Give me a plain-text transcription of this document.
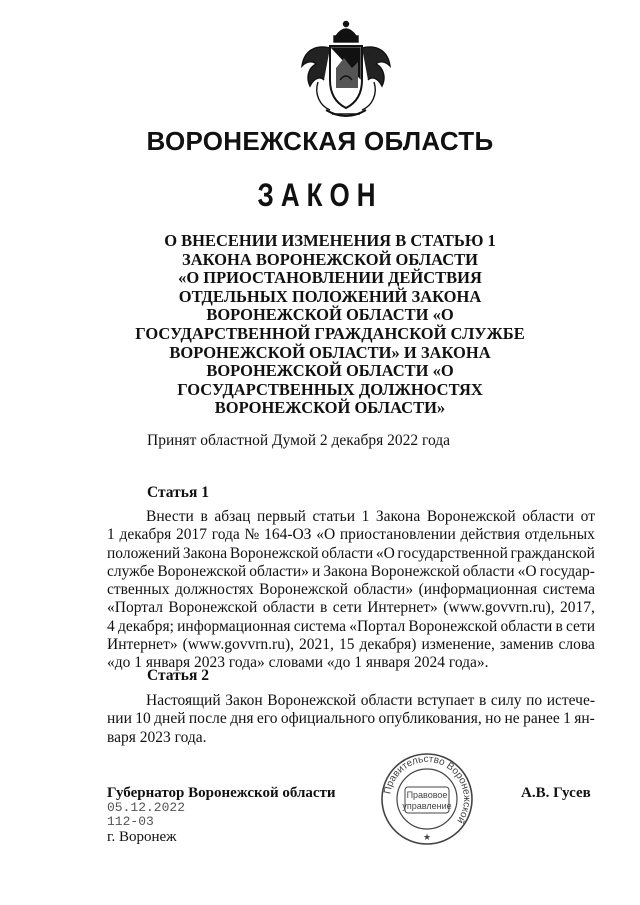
ВОРОНЕЖСКАЯ ОБЛАСТЬ
ЗАКОН
О ВНЕСЕНИИ ИЗМЕНЕНИЯ В СТАТЬЮ 1
ЗАКОНА ВОРОНЕЖСКОЙ ОБЛАСТИ
«О ПРИОСТАНОВЛЕНИИ ДЕЙСТВИЯ
ОТДЕЛЬНЫХ ПОЛОЖЕНИЙ ЗАКОНА
ВОРОНЕЖСКОЙ ОБЛАСТИ «О
ГОСУДАРСТВЕННОЙ ГРАЖДАНСКОЙ СЛУЖБЕ
ВОРОНЕЖСКОЙ ОБЛАСТИ» И ЗАКОНА
ВОРОНЕЖСКОЙ ОБЛАСТИ «О
ГОСУДАРСТВЕННЫХ ДОЛЖНОСТЯХ
ВОРОНЕЖСКОЙ ОБЛАСТИ»
Принят областной Думой 2 декабря 2022 года
Статья 1
Внести в абзац первый статьи 1 Закона Воронежской области от
1 декабря 2017 года № 164-ОЗ «О приостановлении действия отдельных
положений Закона Воронежской области «О государственной гражданской
службе Воронежской области» и Закона Воронежской области «О государ-
ственных должностях Воронежской области» (информационная система
«Портал Воронежской области в сети Интернет» (www.govvrn.ru), 2017,
4 декабря; информационная система «Портал Воронежской области в сети
Интернет» (www.govvrn.ru), 2021, 15 декабря) изменение, заменив слова
«до 1 января 2023 года» словами «до 1 января 2024 года».
Статья 2
Настоящий Закон Воронежской области вступает в силу по истече-
нии 10 дней после дня его официального опубликования, но не ранее 1 ян-
варя 2023 года.
Губернатор Воронежской области
05.12.2022
112-03
г. Воронеж
А.В. Гусев
Правительство Воронежской
Правовое
управление
★
